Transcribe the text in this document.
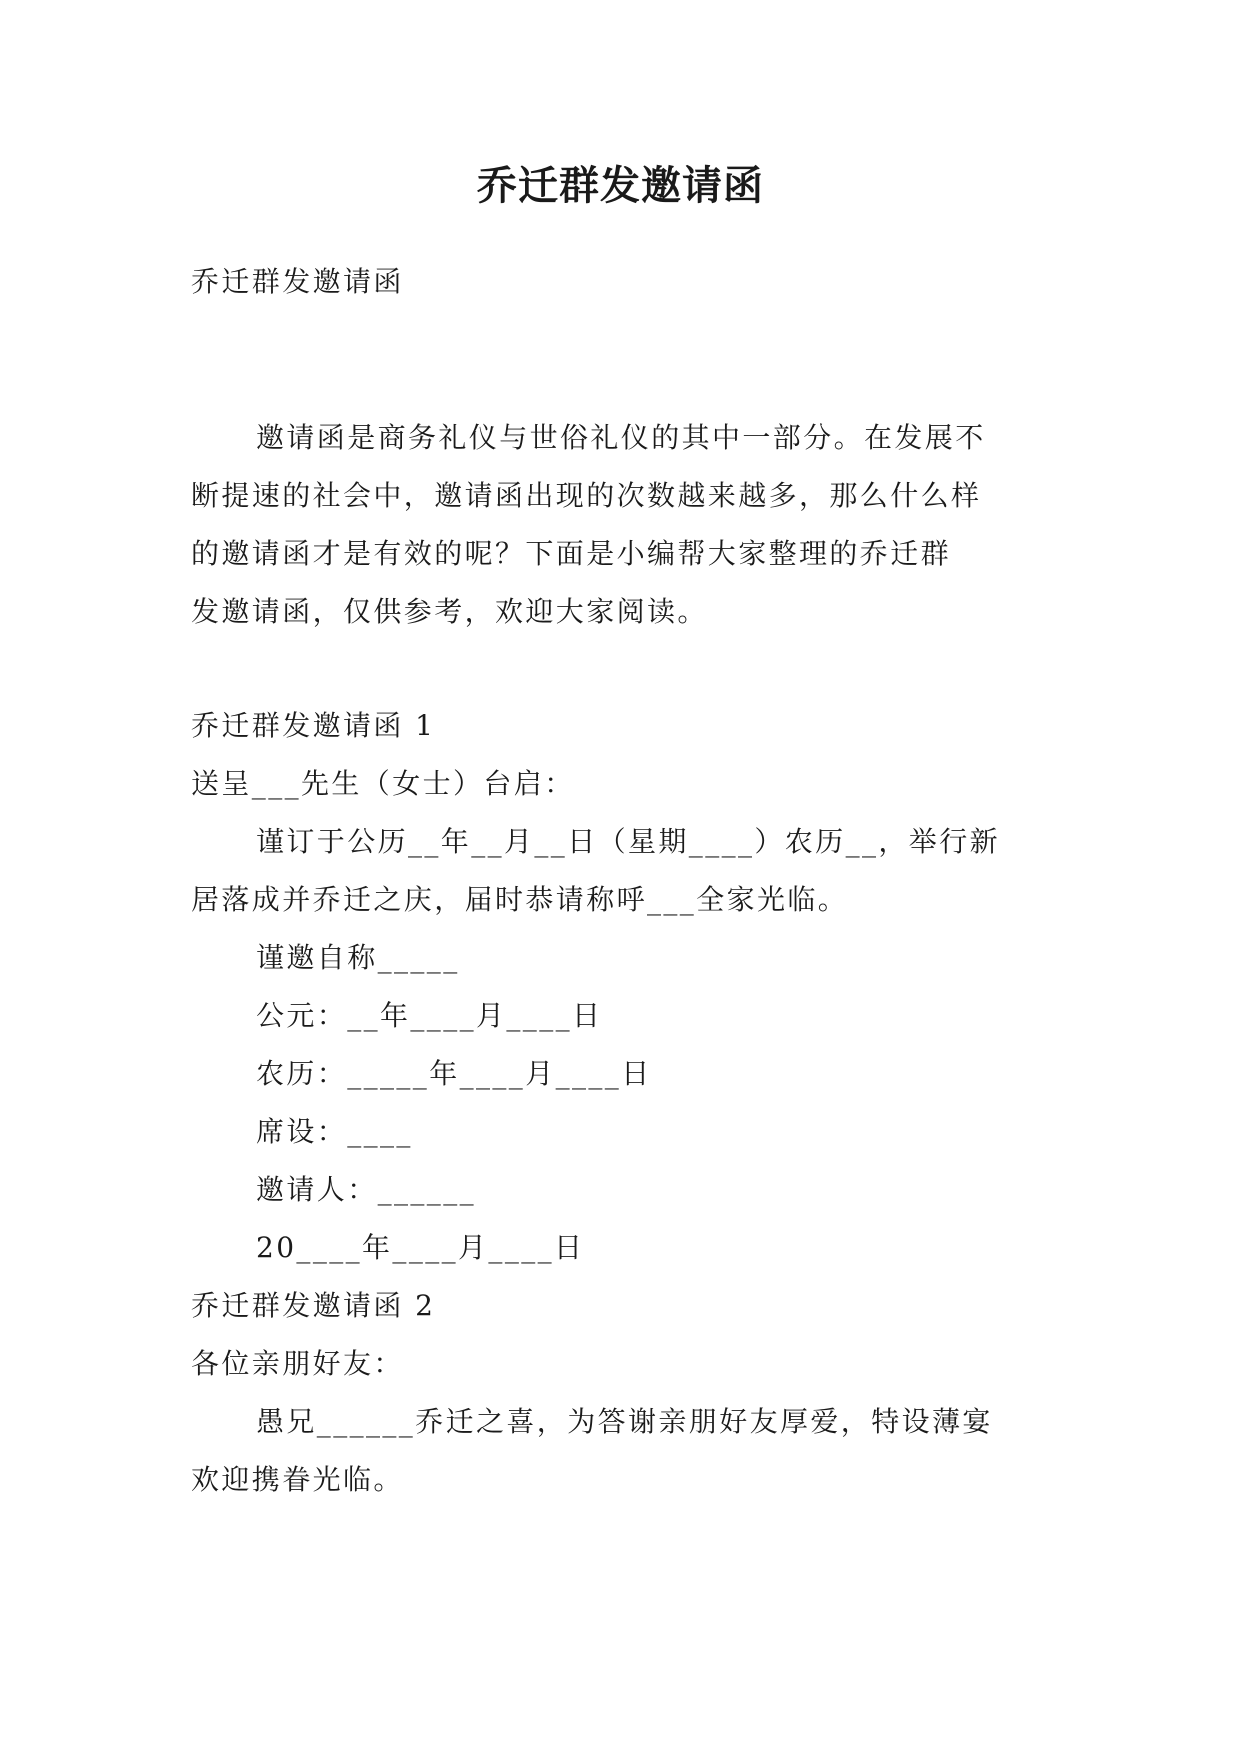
乔迁群发邀请函
乔迁群发邀请函
邀请函是商务礼仪与世俗礼仪的其中一部分。在发展不
断提速的社会中，邀请函出现的次数越来越多，那么什么样
的邀请函才是有效的呢？下面是小编帮大家整理的乔迁群
发邀请函，仅供参考，欢迎大家阅读。
乔迁群发邀请函 1
送呈___先生（女士）台启：
谨订于公历__年__月__日（星期____）农历__，举行新
居落成并乔迁之庆，届时恭请称呼___全家光临。
谨邀自称_____
公元：__年____月____日
农历：_____年____月____日
席设：____
邀请人：______
20____年____月____日
乔迁群发邀请函 2
各位亲朋好友：
愚兄______乔迁之喜，为答谢亲朋好友厚爱，特设薄宴
欢迎携眷光临。
